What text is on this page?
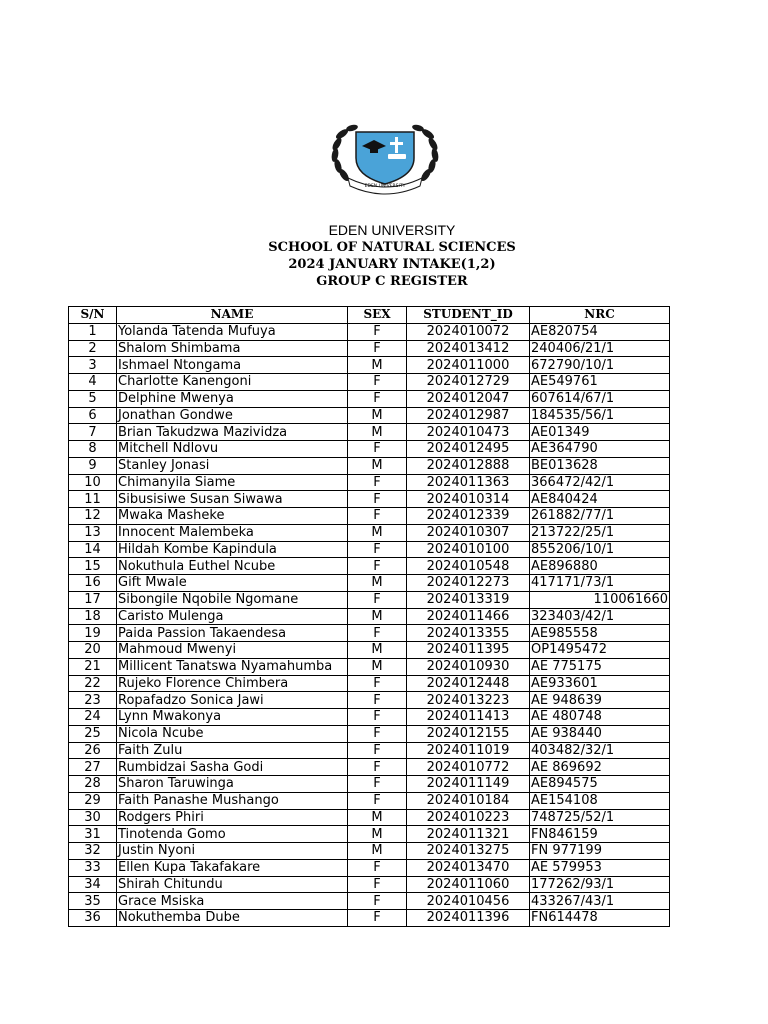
EDEN UNIVERSITY
EDEN UNIVERSITY
SCHOOL OF NATURAL SCIENCES
2024 JANUARY INTAKE(1,2)
GROUP C REGISTER
S/N	NAME	SEX	STUDENT_ID	NRC
1	Yolanda Tatenda Mufuya	F	2024010072	AE820754
2	Shalom Shimbama	F	2024013412	240406/21/1
3	Ishmael Ntongama	M	2024011000	672790/10/1
4	Charlotte Kanengoni	F	2024012729	AE549761
5	Delphine Mwenya	F	2024012047	607614/67/1
6	Jonathan Gondwe	M	2024012987	184535/56/1
7	Brian Takudzwa Mazividza	M	2024010473	AE01349
8	Mitchell Ndlovu	F	2024012495	AE364790
9	Stanley Jonasi	M	2024012888	BE013628
10	Chimanyila Siame	F	2024011363	366472/42/1
11	Sibusisiwe Susan Siwawa	F	2024010314	AE840424
12	Mwaka Masheke	F	2024012339	261882/77/1
13	Innocent Malembeka	M	2024010307	213722/25/1
14	Hildah Kombe Kapindula	F	2024010100	855206/10/1
15	Nokuthula Euthel Ncube	F	2024010548	AE896880
16	Gift Mwale	M	2024012273	417171/73/1
17	Sibongile Nqobile Ngomane	F	2024013319	110061660
18	Caristo Mulenga	M	2024011466	323403/42/1
19	Paida Passion Takaendesa	F	2024013355	AE985558
20	Mahmoud Mwenyi	M	2024011395	OP1495472
21	Millicent Tanatswa Nyamahumba	M	2024010930	AE 775175
22	Rujeko Florence Chimbera	F	2024012448	AE933601
23	Ropafadzo Sonica Jawi	F	2024013223	AE 948639
24	Lynn Mwakonya	F	2024011413	AE 480748
25	Nicola Ncube	F	2024012155	AE 938440
26	Faith Zulu	F	2024011019	403482/32/1
27	Rumbidzai Sasha Godi	F	2024010772	AE 869692
28	Sharon Taruwinga	F	2024011149	AE894575
29	Faith Panashe Mushango	F	2024010184	AE154108
30	Rodgers Phiri	M	2024010223	748725/52/1
31	Tinotenda Gomo	M	2024011321	FN846159
32	Justin Nyoni	M	2024013275	FN 977199
33	Ellen Kupa Takafakare	F	2024013470	AE 579953
34	Shirah Chitundu	F	2024011060	177262/93/1
35	Grace Msiska	F	2024010456	433267/43/1
36	Nokuthemba Dube	F	2024011396	FN614478
